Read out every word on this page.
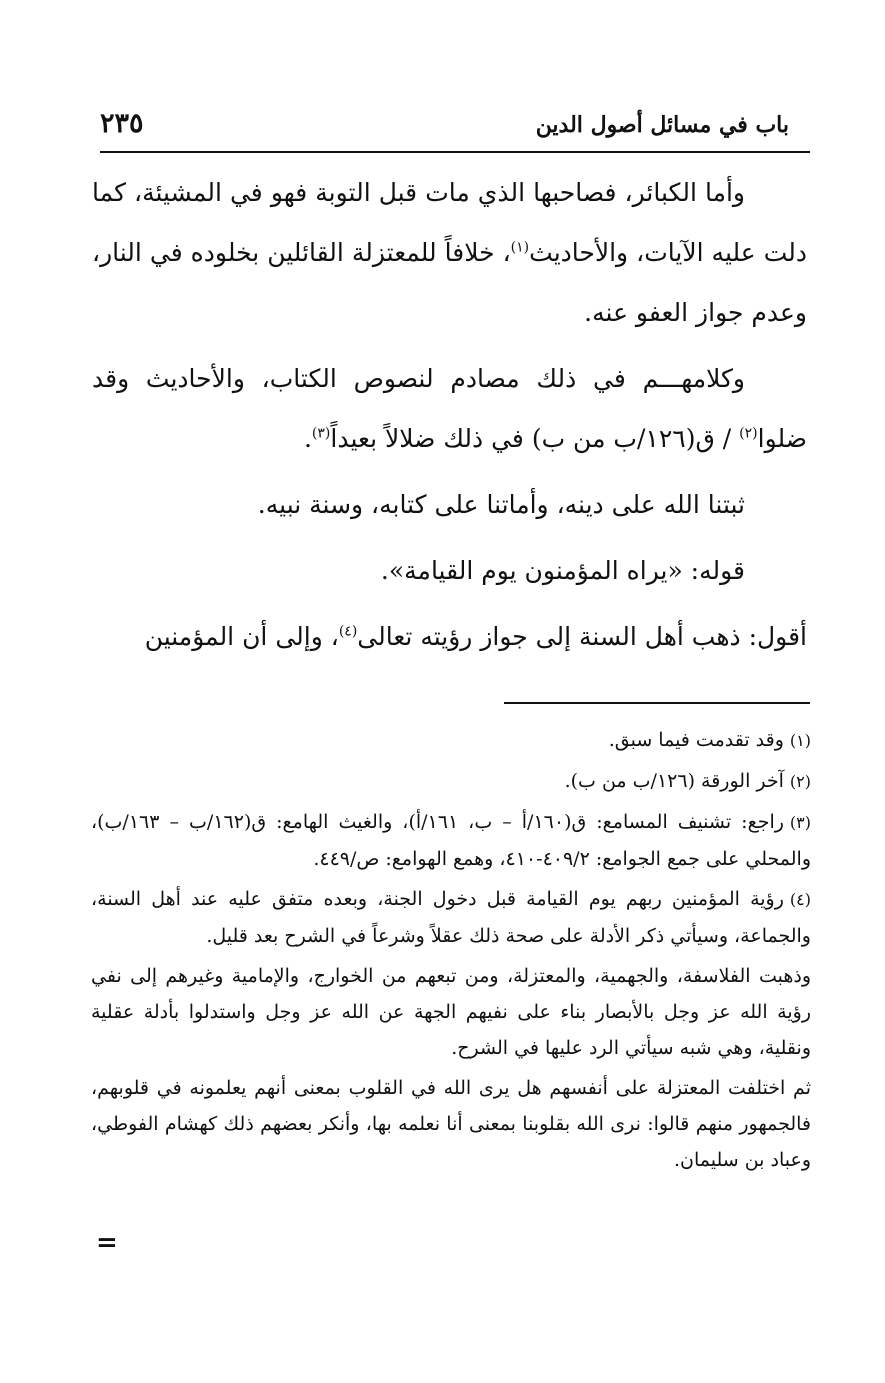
باب في مسائل أصول الدين
٢٣٥

وأما الكبائر، فصاحبها الذي مات قبل التوبة فهو في المشيئة، كما دلت عليه الآيات، والأحاديث$^{(١)}$، خلافاً للمعتزلة القائلين بخلوده في النار، وعدم جواز العفو عنه.

وكلامهـــم في ذلك مصادم لنصوص الكتاب، والأحاديث وقد ضلوا$^{(٢)}$ / ق(١٢٦/ب من ب) في ذلك ضلالاً بعيداً$^{(٣)}$.

ثبتنا الله على دينه، وأماتنا على كتابه، وسنة نبيه.

قوله: «يراه المؤمنون يوم القيامة».

أقول: ذهب أهل السنة إلى جواز رؤيته تعالى$^{(٤)}$، وإلى أن المؤمنين

(١)وقد تقدمت فيما سبق.

(٢)آخر الورقة (١٢٦/ب من ب).

(٣)راجع: تشنيف المسامع: ق(١٦٠/أ – ب، ١٦١/أ)، والغيث الهامع: ق(١٦٢/ب – ١٦٣/ب)، والمحلي على جمع الجوامع: ٤٠٩/٢-٤١٠، وهمع الهوامع: ص/٤٤٩.

(٤)رؤية المؤمنين ربهم يوم القيامة قبل دخول الجنة، وبعده متفق عليه عند أهل السنة، والجماعة، وسيأتي ذكر الأدلة على صحة ذلك عقلاً وشرعاً في الشرح بعد قليل.

وذهبت الفلاسفة، والجهمية، والمعتزلة، ومن تبعهم من الخوارج، والإمامية وغيرهم إلى نفي رؤية الله عز وجل بالأبصار بناء على نفيهم الجهة عن الله عز وجل واستدلوا بأدلة عقلية ونقلية، وهي شبه سيأتي الرد عليها في الشرح.

ثم اختلفت المعتزلة على أنفسهم هل يرى الله في القلوب بمعنى أنهم يعلمونه في قلوبهم، فالجمهور منهم قالوا: نرى الله بقلوبنا بمعنى أنا نعلمه بها، وأنكر بعضهم ذلك كهشام الفوطي، وعباد بن سليمان.

=
